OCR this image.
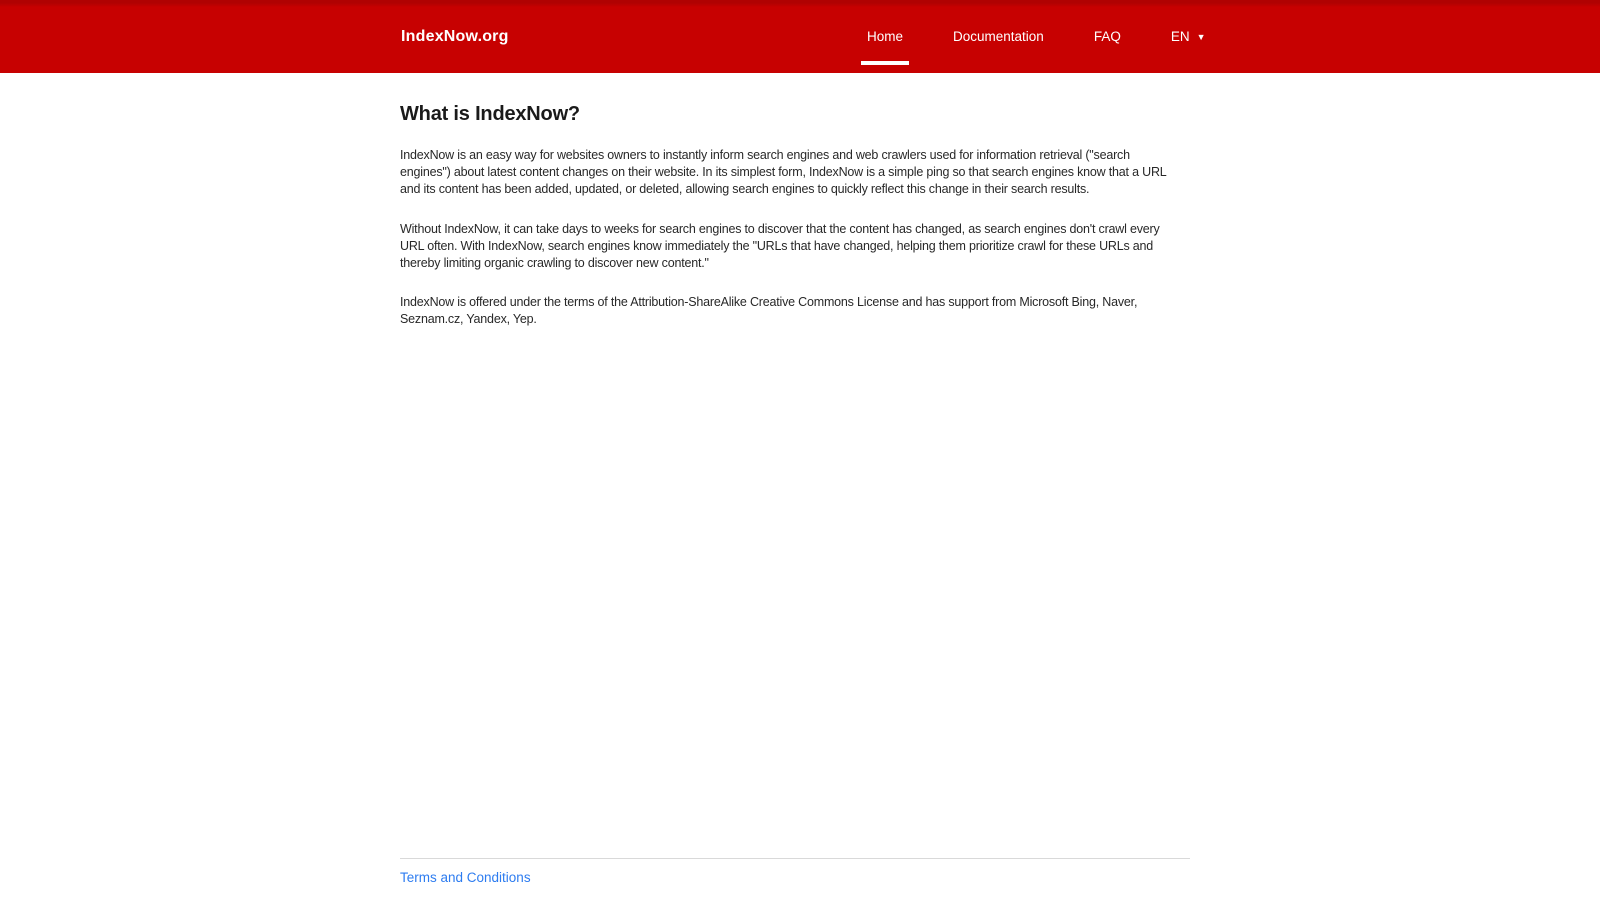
IndexNow.org	Home	Documentation	FAQ	EN ▼
What is IndexNow?

IndexNow is an easy way for websites owners to instantly inform search engines and web crawlers used for information retrieval ("search engines") about latest content changes on their website. In its simplest form, IndexNow is a simple ping so that search engines know that a URL and its content has been added, updated, or deleted, allowing search engines to quickly reflect this change in their search results.

Without IndexNow, it can take days to weeks for search engines to discover that the content has changed, as search engines don't crawl every URL often. With IndexNow, search engines know immediately the "URLs that have changed, helping them prioritize crawl for these URLs and thereby limiting organic crawling to discover new content."

IndexNow is offered under the terms of the Attribution-ShareAlike Creative Commons License and has support from Microsoft Bing, Naver, Seznam.cz, Yandex, Yep.

Terms and Conditions
